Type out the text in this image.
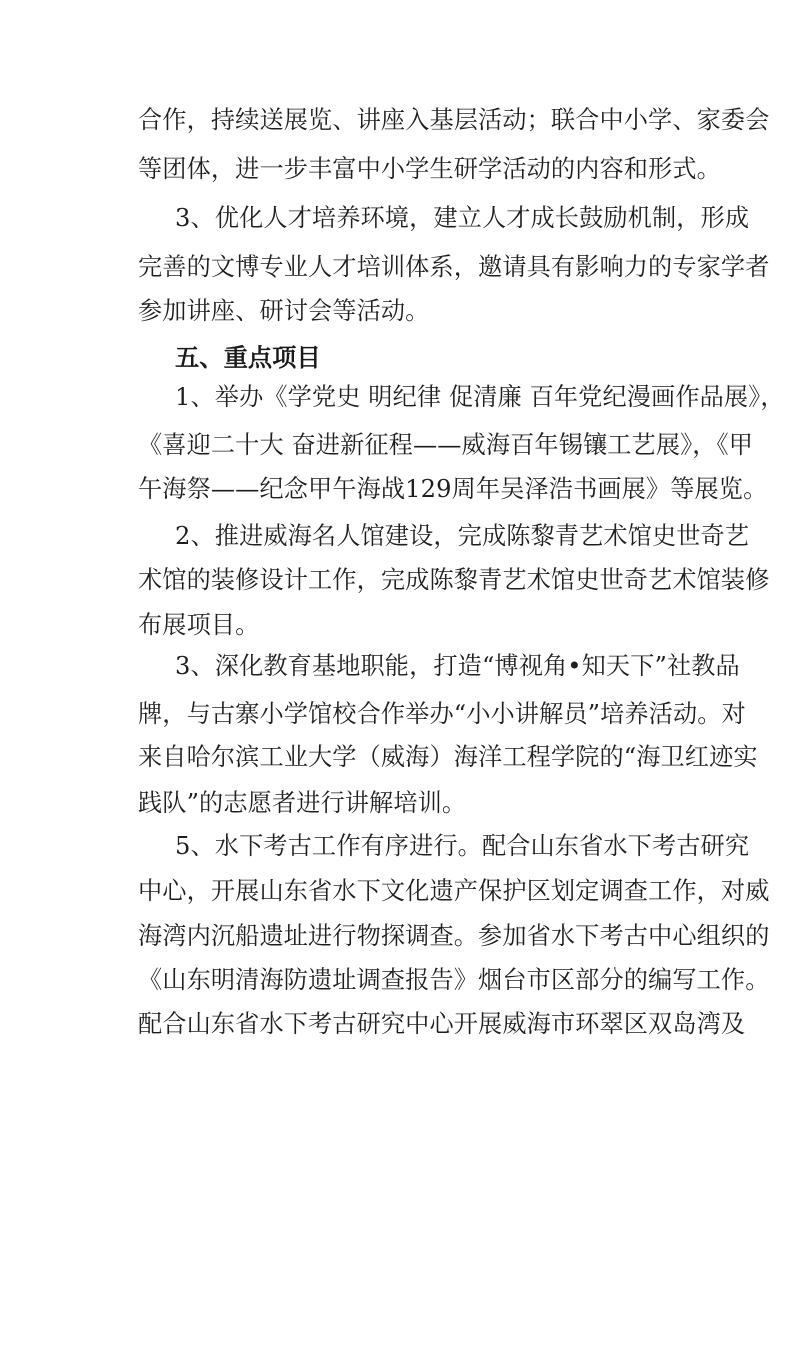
合作，持续送展览、讲座入基层活动；联合中小学、家委会
等团体，进一步丰富中小学生研学活动的内容和形式。
3、优化人才培养环境，建立人才成长鼓励机制，形成
完善的文博专业人才培训体系，邀请具有影响力的专家学者
参加讲座、研讨会等活动。
五、重点项目
1、举办《学党史 明纪律 促清廉 百年党纪漫画作品展》，
《喜迎二十大 奋进新征程——威海百年锡镶工艺展》，《甲
午海祭——纪念甲午海战129周年吴泽浩书画展》等展览。
2、推进威海名人馆建设，完成陈黎青艺术馆史世奇艺
术馆的装修设计工作，完成陈黎青艺术馆史世奇艺术馆装修
布展项目。
3、深化教育基地职能，打造“博视角•知天下”社教品
牌，与古寨小学馆校合作举办“小小讲解员”培养活动。对
来自哈尔滨工业大学（威海）海洋工程学院的“海卫红迹实
践队”的志愿者进行讲解培训。
5、水下考古工作有序进行。配合山东省水下考古研究
中心，开展山东省水下文化遗产保护区划定调查工作，对威
海湾内沉船遗址进行物探调查。参加省水下考古中心组织的
《山东明清海防遗址调查报告》烟台市区部分的编写工作。
配合山东省水下考古研究中心开展威海市环翠区双岛湾及
